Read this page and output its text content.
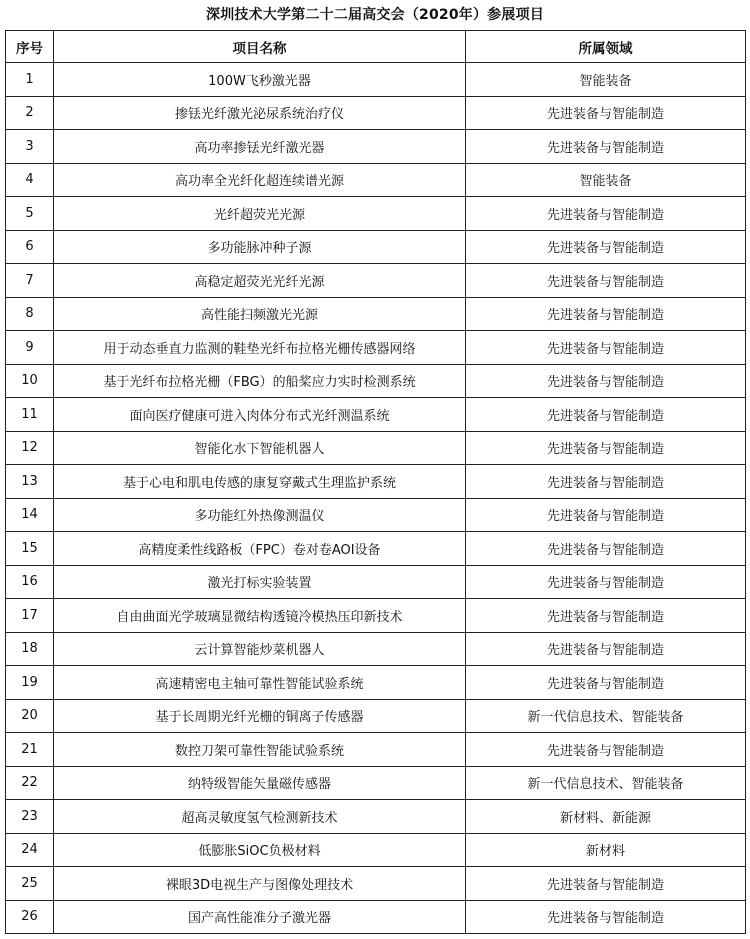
深圳技术大学第二十二届高交会（2020年）参展项目
序号	项目名称	所属领域
1	100W飞秒激光器	智能装备
2	掺铥光纤激光泌尿系统治疗仪	先进装备与智能制造
3	高功率掺铥光纤激光器	先进装备与智能制造
4	高功率全光纤化超连续谱光源	智能装备
5	光纤超荧光光源	先进装备与智能制造
6	多功能脉冲种子源	先进装备与智能制造
7	高稳定超荧光光纤光源	先进装备与智能制造
8	高性能扫频激光光源	先进装备与智能制造
9	用于动态垂直力监测的鞋垫光纤布拉格光栅传感器网络	先进装备与智能制造
10	基于光纤布拉格光栅（FBG）的船桨应力实时检测系统	先进装备与智能制造
11	面向医疗健康可进入肉体分布式光纤测温系统	先进装备与智能制造
12	智能化水下智能机器人	先进装备与智能制造
13	基于心电和肌电传感的康复穿戴式生理监护系统	先进装备与智能制造
14	多功能红外热像测温仪	先进装备与智能制造
15	高精度柔性线路板（FPC）卷对卷AOI设备	先进装备与智能制造
16	激光打标实验装置	先进装备与智能制造
17	自由曲面光学玻璃显微结构透镜冷模热压印新技术	先进装备与智能制造
18	云计算智能炒菜机器人	先进装备与智能制造
19	高速精密电主轴可靠性智能试验系统	先进装备与智能制造
20	基于长周期光纤光栅的铜离子传感器	新一代信息技术、智能装备
21	数控刀架可靠性智能试验系统	先进装备与智能制造
22	纳特级智能矢量磁传感器	新一代信息技术、智能装备
23	超高灵敏度氢气检测新技术	新材料、新能源
24	低膨胀SiOC负极材料	新材料
25	裸眼3D电视生产与图像处理技术	先进装备与智能制造
26	国产高性能准分子激光器	先进装备与智能制造
